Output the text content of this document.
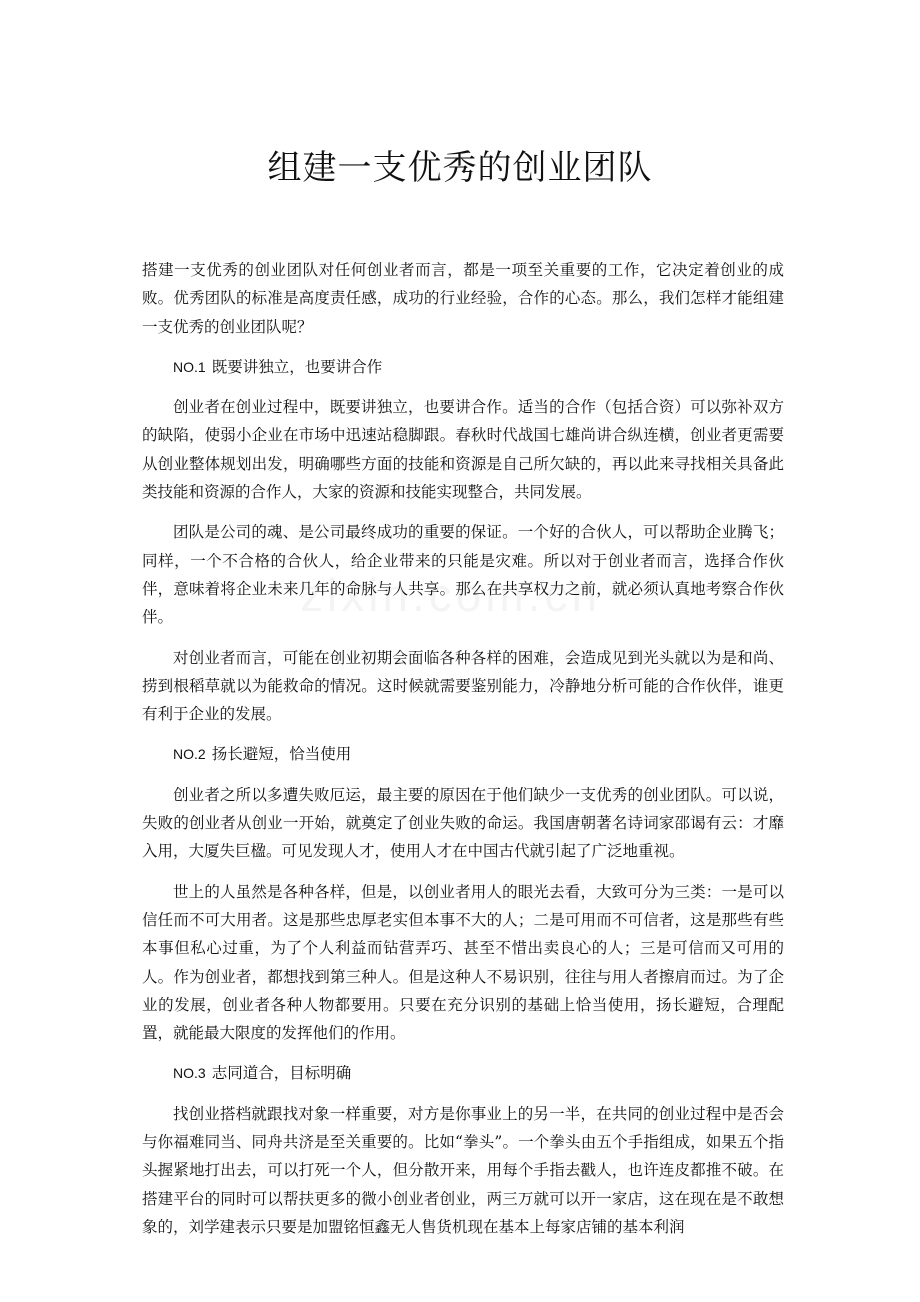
组建一支优秀的创业团队

搭建一支优秀的创业团队对任何创业者而言，都是一项至关重要的工作，它决定着创业的成败。优秀团队的标准是高度责任感，成功的行业经验，合作的心态。那么，我们怎样才能组建一支优秀的创业团队呢？

NO.1 既要讲独立，也要讲合作

创业者在创业过程中，既要讲独立，也要讲合作。适当的合作（包括合资）可以弥补双方的缺陷，使弱小企业在市场中迅速站稳脚跟。春秋时代战国七雄尚讲合纵连横，创业者更需要从创业整体规划出发，明确哪些方面的技能和资源是自己所欠缺的，再以此来寻找相关具备此类技能和资源的合作人，大家的资源和技能实现整合，共同发展。

团队是公司的魂、是公司最终成功的重要的保证。一个好的合伙人，可以帮助企业腾飞；同样，一个不合格的合伙人，给企业带来的只能是灾难。所以对于创业者而言，选择合作伙伴，意味着将企业未来几年的命脉与人共享。那么在共享权力之前，就必须认真地考察合作伙伴。

对创业者而言，可能在创业初期会面临各种各样的困难，会造成见到光头就以为是和尚、捞到根稻草就以为能救命的情况。这时候就需要鉴别能力，冷静地分析可能的合作伙伴，谁更有利于企业的发展。

NO.2 扬长避短，恰当使用

创业者之所以多遭失败厄运，最主要的原因在于他们缺少一支优秀的创业团队。可以说，失败的创业者从创业一开始，就奠定了创业失败的命运。我国唐朝著名诗词家邵谒有云：才靡入用，大厦失巨楹。可见发现人才，使用人才在中国古代就引起了广泛地重视。

世上的人虽然是各种各样，但是，以创业者用人的眼光去看，大致可分为三类：一是可以信任而不可大用者。这是那些忠厚老实但本事不大的人；二是可用而不可信者，这是那些有些本事但私心过重，为了个人利益而钻营弄巧、甚至不惜出卖良心的人；三是可信而又可用的人。作为创业者，都想找到第三种人。但是这种人不易识别，往往与用人者擦肩而过。为了企业的发展，创业者各种人物都要用。只要在充分识别的基础上恰当使用，扬长避短，合理配置，就能最大限度的发挥他们的作用。

NO.3 志同道合，目标明确

找创业搭档就跟找对象一样重要，对方是你事业上的另一半，在共同的创业过程中是否会与你福难同当、同舟共济是至关重要的。比如“拳头”。一个拳头由五个手指组成，如果五个指头握紧地打出去，可以打死一个人，但分散开来，用每个手指去戳人，也许连皮都推不破。在搭建平台的同时可以帮扶更多的微小创业者创业，两三万就可以开一家店，这在现在是不敢想象的，刘学建表示只要是加盟铭恒鑫无人售货机现在基本上每家店铺的基本利润
